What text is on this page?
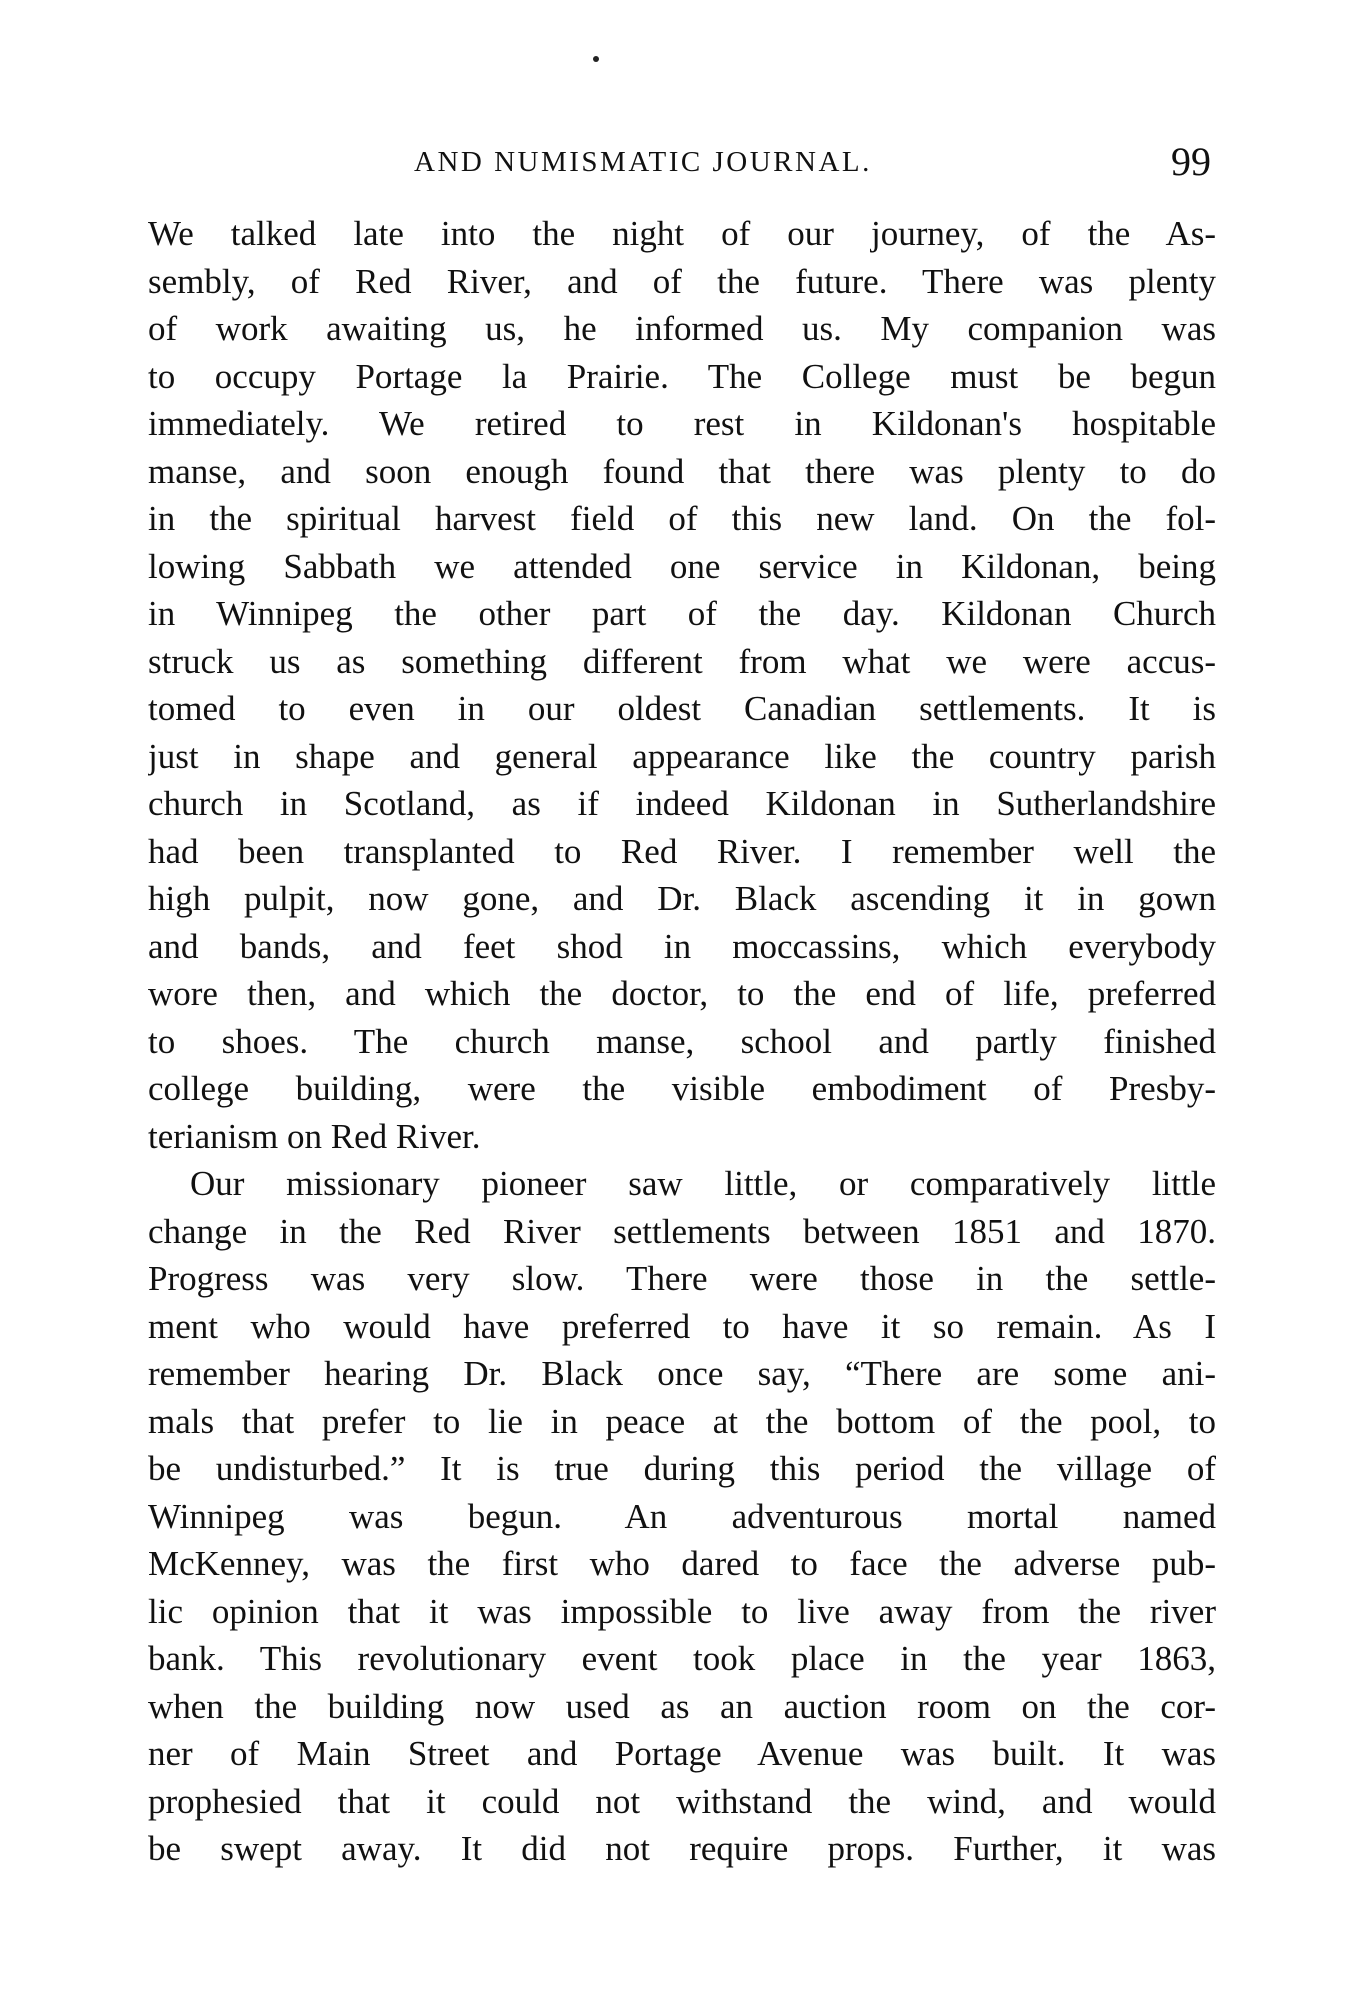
AND NUMISMATIC JOURNAL.	99
We talked late into the night of our journey, of the As-
sembly, of Red River, and of the future. There was plenty
of work awaiting us, he informed us. My companion was
to occupy Portage la Prairie. The College must be begun
immediately. We retired to rest in Kildonan's hospitable
manse, and soon enough found that there was plenty to do
in the spiritual harvest field of this new land. On the fol-
lowing Sabbath we attended one service in Kildonan, being
in Winnipeg the other part of the day. Kildonan Church
struck us as something different from what we were accus-
tomed to even in our oldest Canadian settlements. It is
just in shape and general appearance like the country parish
church in Scotland, as if indeed Kildonan in Sutherlandshire
had been transplanted to Red River. I remember well the
high pulpit, now gone, and Dr. Black ascending it in gown
and bands, and feet shod in moccassins, which everybody
wore then, and which the doctor, to the end of life, preferred
to shoes. The church manse, school and partly finished
college building, were the visible embodiment of Presby-
terianism on Red River.
Our missionary pioneer saw little, or comparatively little
change in the Red River settlements between 1851 and 1870.
Progress was very slow. There were those in the settle-
ment who would have preferred to have it so remain. As I
remember hearing Dr. Black once say, “There are some ani-
mals that prefer to lie in peace at the bottom of the pool, to
be undisturbed.” It is true during this period the village of
Winnipeg was begun. An adventurous mortal named
McKenney, was the first who dared to face the adverse pub-
lic opinion that it was impossible to live away from the river
bank. This revolutionary event took place in the year 1863,
when the building now used as an auction room on the cor-
ner of Main Street and Portage Avenue was built. It was
prophesied that it could not withstand the wind, and would
be swept away. It did not require props. Further, it was
